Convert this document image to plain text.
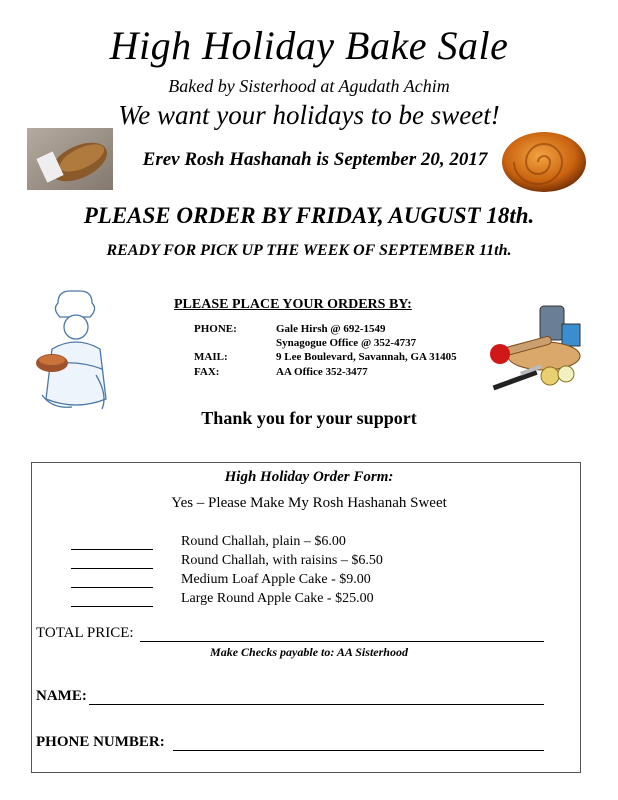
High Holiday Bake Sale
Baked by Sisterhood at Agudath Achim
We want your holidays to be sweet!
Erev Rosh Hashanah is September 20, 2017
PLEASE ORDER BY FRIDAY, AUGUST 18th.
READY FOR PICK UP THE WEEK OF SEPTEMBER 11th.
PLEASE PLACE YOUR ORDERS BY:
PHONE:	Gale Hirsh @ 692-1549
Synagogue Office @ 352-4737
MAIL:	9 Lee Boulevard, Savannah, GA 31405
FAX:	AA Office 352-3477
Thank you for your support
High Holiday Order Form:
Yes – Please Make My Rosh Hashanah Sweet
Round Challah, plain – $6.00
Round Challah, with raisins – $6.50
Medium Loaf Apple Cake - $9.00
Large Round Apple Cake - $25.00
TOTAL PRICE:
Make Checks payable to: AA Sisterhood
NAME:
PHONE NUMBER:
